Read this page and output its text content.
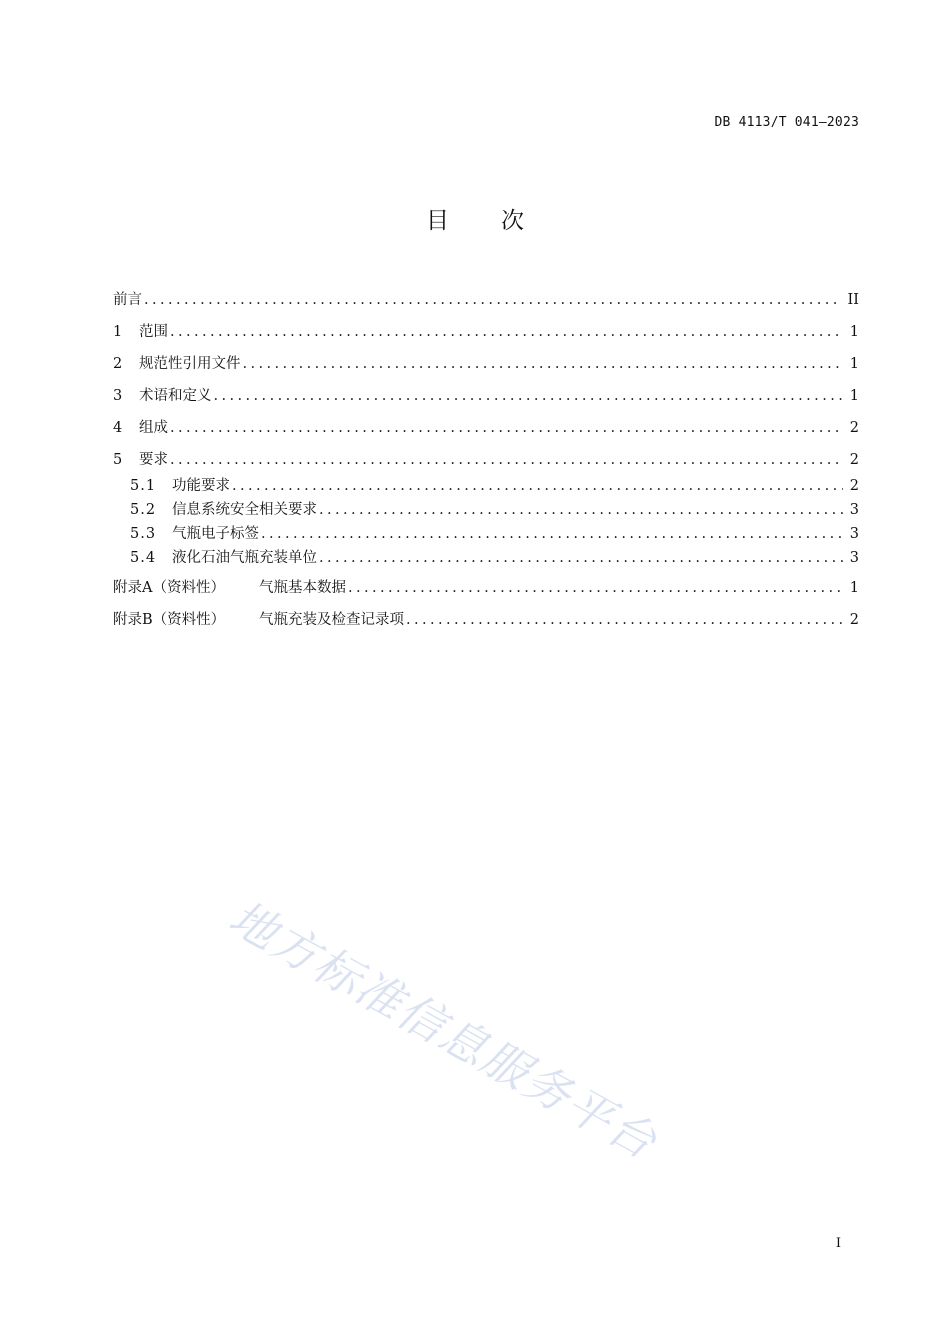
DB 4113/T 041—2023
目次
前言 .....	II
1	范围 .....	1
2	规范性引用文件 .....	1
3	术语和定义 .....	1
4	组成 .....	2
5	要求 .....	2
5.1	功能要求 .....	2
5.2	信息系统安全相关要求 .....	3
5.3	气瓶电子标签 .....	3
5.4	液化石油气瓶充装单位 .....	3
附录A（资料性）	气瓶基本数据 .....	1
附录B（资料性）	气瓶充装及检查记录项 .....	2
地方标准信息服务平台
I
